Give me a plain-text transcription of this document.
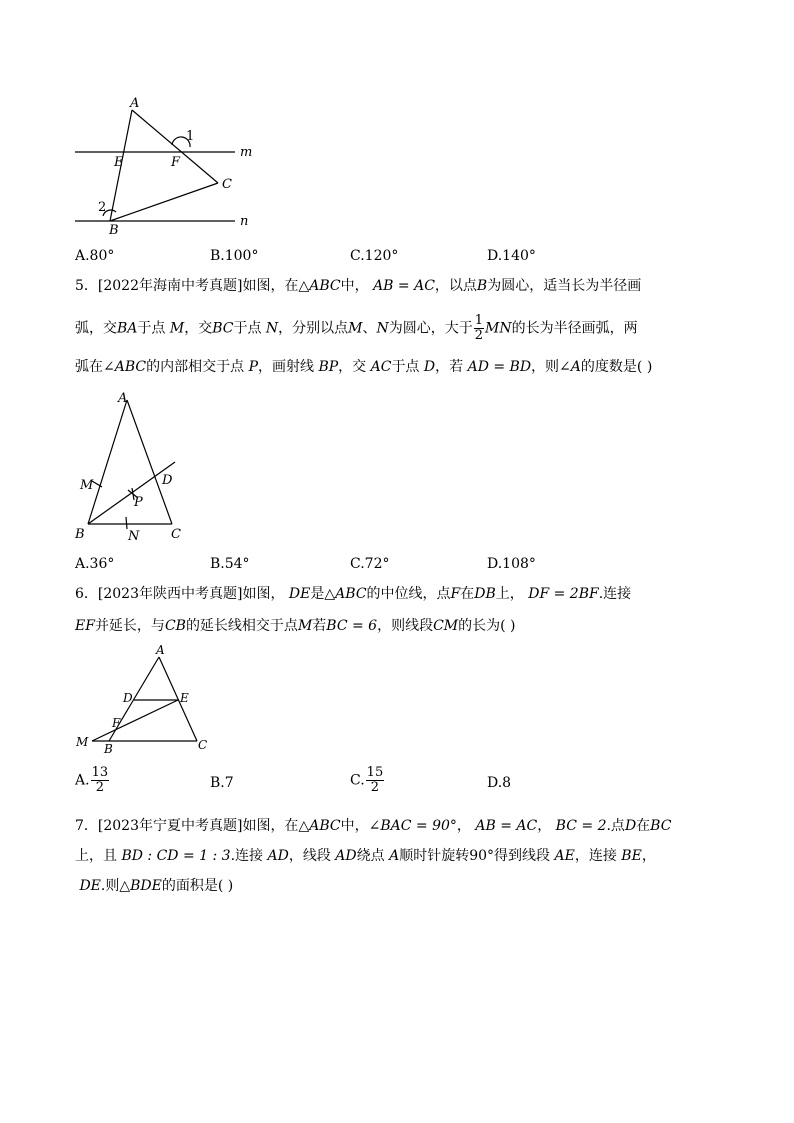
A
E	F
1
m
C
2
n
B
A.80°	B.100°	C.120°	D.140°
5．[2022年海南中考真题]如图，在△ABC中， AB = AC，以点B为圆心，适当长为半径画
弧，交BA于点 M，交BC于点 N，分别以点M、N为圆心，大于 $\frac{1}{2}$ MN的长为半径画弧，两
弧在∠ABC的内部相交于点 P，画射线 BP，交 AC于点 D，若 AD = BD，则∠A的度数是( )
A
M	D
P
B	N C
A.36°	B.54°	C.72°	D.108°
6．[2023年陕西中考真题]如图， DE是△ABC的中位线，点F在DB上， DF = 2BF.连接
EF并延长，与CB的延长线相交于点M若BC = 6，则线段CM的长为( )
A
D	E
F
M B	C
A. $\frac{13}{2}$	B.7	C. $\frac{15}{2}$	D.8
7．[2023年宁夏中考真题]如图，在△ABC中，∠BAC = 90°， AB = AC， BC = 2.点D在BC
上，且 BD : CD = 1 : 3.连接 AD，线段 AD绕点 A顺时针旋转90°得到线段 AE，连接 BE，
DE.则△BDE的面积是( )
